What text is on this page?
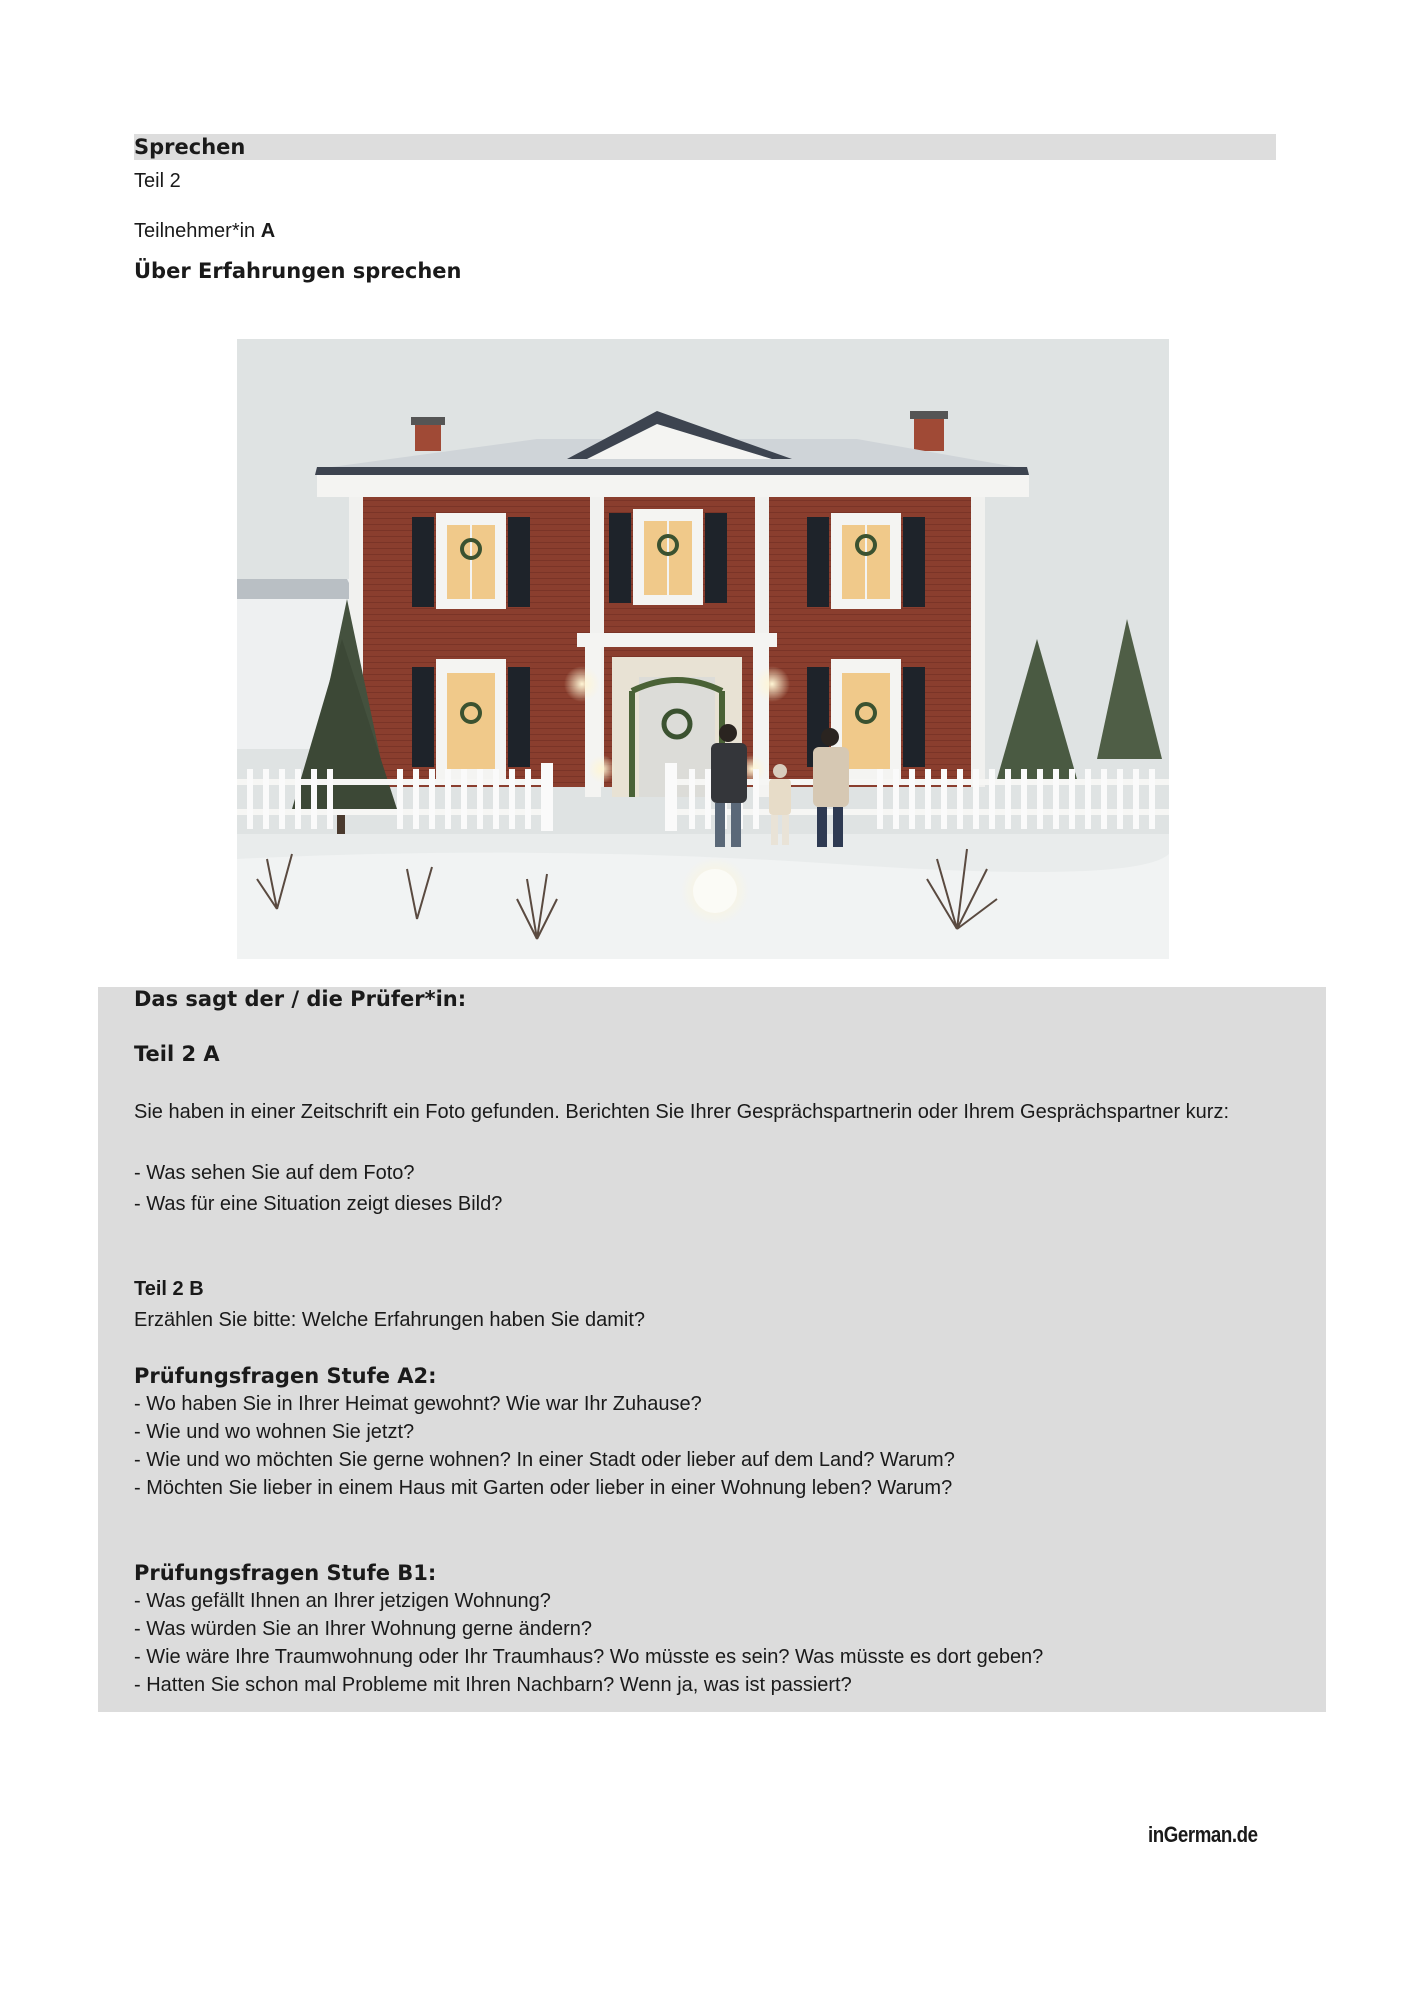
Sprechen
Teil 2
Teilnehmer*in A
Über Erfahrungen sprechen
Das sagt der / die Prüfer*in:
Teil 2 A
Sie haben in einer Zeitschrift ein Foto gefunden. Berichten Sie Ihrer Gesprächspartnerin oder Ihrem Gesprächspartner kurz:
- Was sehen Sie auf dem Foto?
- Was für eine Situation zeigt dieses Bild?
Teil 2 B
Erzählen Sie bitte: Welche Erfahrungen haben Sie damit?
Prüfungsfragen Stufe A2:
- Wo haben Sie in Ihrer Heimat gewohnt? Wie war Ihr Zuhause?
- Wie und wo wohnen Sie jetzt?
- Wie und wo möchten Sie gerne wohnen? In einer Stadt oder lieber auf dem Land? Warum?
- Möchten Sie lieber in einem Haus mit Garten oder lieber in einer Wohnung leben? Warum?
Prüfungsfragen Stufe B1:
- Was gefällt Ihnen an Ihrer jetzigen Wohnung?
- Was würden Sie an Ihrer Wohnung gerne ändern?
- Wie wäre Ihre Traumwohnung oder Ihr Traumhaus? Wo müsste es sein? Was müsste es dort geben?
- Hatten Sie schon mal Probleme mit Ihren Nachbarn? Wenn ja, was ist passiert?
inGerman.de
